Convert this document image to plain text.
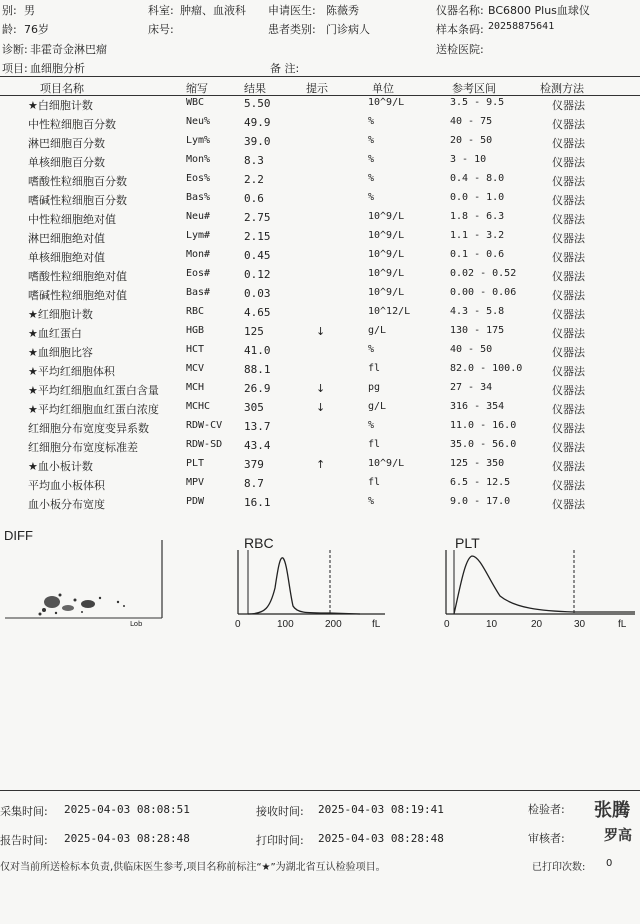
别: 男	科室: 肿瘤、血液科 申请医生: 陈薇秀	仪器名称: BC6800 Plus血球仪
龄: 76岁	床号:	患者类别: 门诊病人	样本条码: 20258875641
诊断: 非霍奇金淋巴瘤	送检医院:
项目: 血细胞分析	备 注:
项目名称	缩写	结果	提示	单位	参考区间	检测方法
★白细胞计数	WBC	5.50	10^9/L	3.5 - 9.5	仪器法
中性粒细胞百分数	Neu%	49.9	%	40 - 75	仪器法
淋巴细胞百分数	Lym%	39.0	%	20 - 50	仪器法
单核细胞百分数	Mon%	8.3	%	3 - 10	仪器法
嗜酸性粒细胞百分数	Eos%	2.2	%	0.4 - 8.0	仪器法
嗜碱性粒细胞百分数	Bas%	0.6	%	0.0 - 1.0	仪器法
中性粒细胞绝对值	Neu#	2.75	10^9/L	1.8 - 6.3	仪器法
淋巴细胞绝对值	Lym#	2.15	10^9/L	1.1 - 3.2	仪器法
单核细胞绝对值	Mon#	0.45	10^9/L	0.1 - 0.6	仪器法
嗜酸性粒细胞绝对值	Eos#	0.12	10^9/L	0.02 - 0.52	仪器法
嗜碱性粒细胞绝对值	Bas#	0.03	10^9/L	0.00 - 0.06	仪器法
★红细胞计数	RBC	4.65	10^12/L	4.3 - 5.8	仪器法
★血红蛋白	HGB	125	↓	g/L	130 - 175	仪器法
★血细胞比容	HCT	41.0	%	40 - 50	仪器法
★平均红细胞体积	MCV	88.1	fl	82.0 - 100.0	仪器法
★平均红细胞血红蛋白含量	MCH	26.9	↓	pg	27 - 34	仪器法
★平均红细胞血红蛋白浓度	MCHC	305	↓	g/L	316 - 354	仪器法
红细胞分布宽度变异系数	RDW-CV 13.7	%	11.0 - 16.0	仪器法
红细胞分布宽度标准差	RDW-SD 43.4	fl	35.0 - 56.0	仪器法
★血小板计数	PLT	379	↑	10^9/L	125 - 350	仪器法
平均血小板体积	MPV	8.7	fl	6.5 - 12.5	仪器法
血小板分布宽度	PDW	16.1	%	9.0 - 17.0	仪器法
DIFF
Lob
RBC
0	100	200	fL
PLT
0	10	20	30	fL
采集时间: 2025-04-03 08:08:51	接收时间: 2025-04-03 08:19:41	检验者: 张腾
报告时间: 2025-04-03 08:28:48	打印时间: 2025-04-03 08:28:48	审核者:	罗高
仅对当前所送检标本负责,供临床医生参考,项目名称前标注“★”为湖北省互认检验项目。	已打印次数: 0
